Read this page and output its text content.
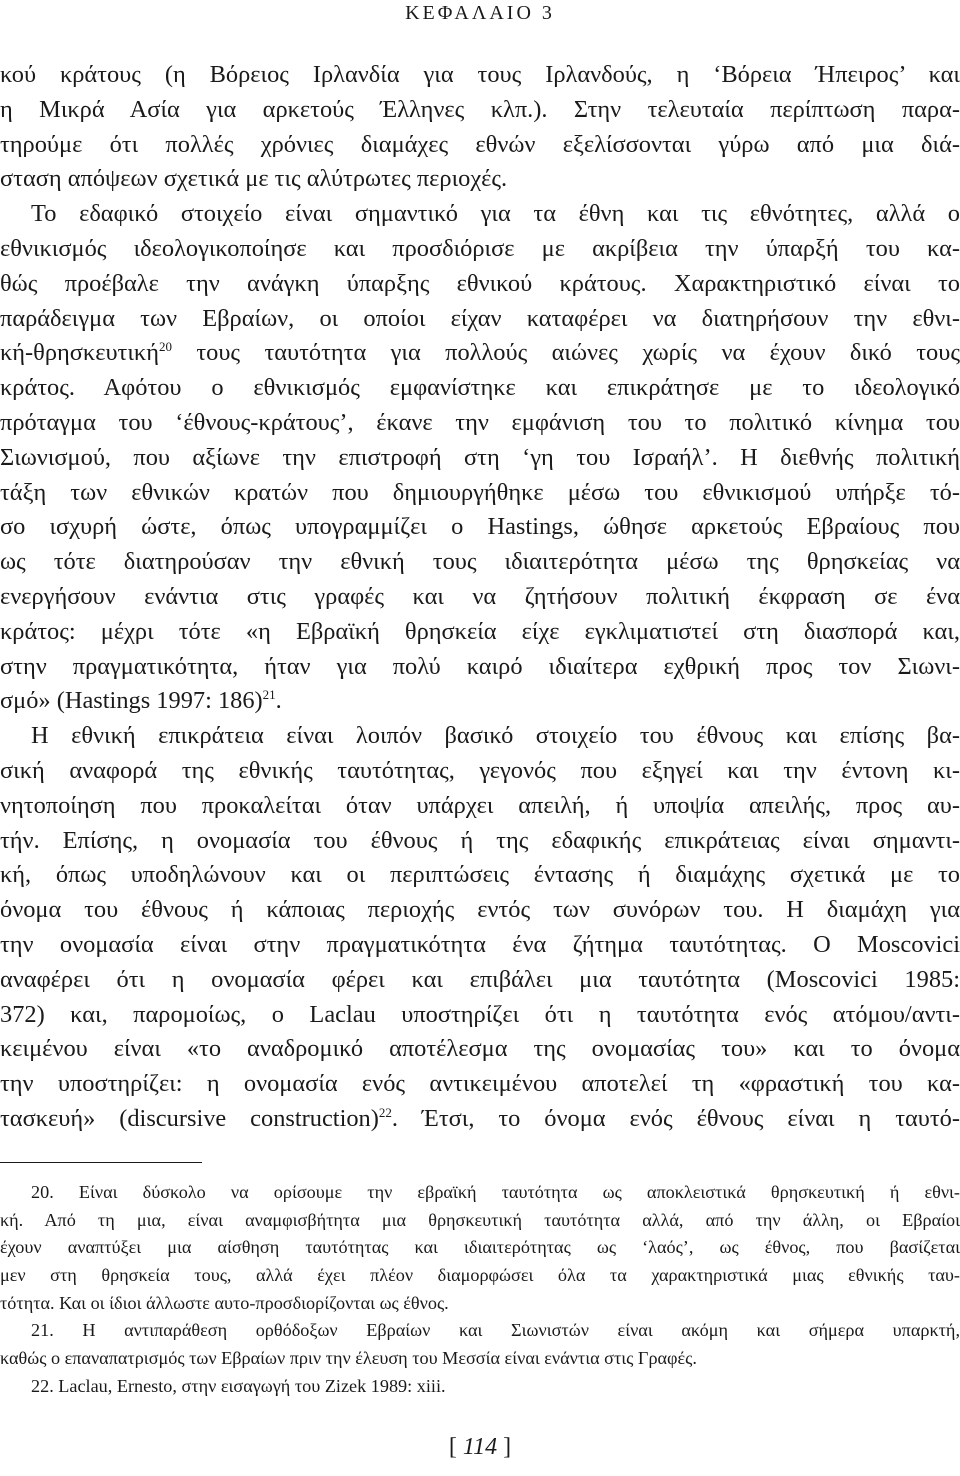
ΚΕΦΑΛΑΙΟ 3
κού κράτους (η Βόρειος Ιρλανδία για τους Ιρλανδούς, η ‘Βόρεια Ήπειρος’ και
η Μικρά Ασία για αρκετούς Έλληνες κλπ.). Στην τελευταία περίπτωση παρα-
τηρούμε ότι πολλές χρόνιες διαμάχες εθνών εξελίσσονται γύρω από μια διά-
σταση απόψεων σχετικά με τις αλύτρωτες περιοχές.
Το εδαφικό στοιχείο είναι σημαντικό για τα έθνη και τις εθνότητες, αλλά ο
εθνικισμός ιδεολογικοποίησε και προσδιόρισε με ακρίβεια την ύπαρξή του κα-
θώς προέβαλε την ανάγκη ύπαρξης εθνικού κράτους. Χαρακτηριστικό είναι το
παράδειγμα των Εβραίων, οι οποίοι είχαν καταφέρει να διατηρήσουν την εθνι-
κή-θρησκευτική$^{20}$ τους ταυτότητα για πολλούς αιώνες χωρίς να έχουν δικό τους
κράτος. Αφότου ο εθνικισμός εμφανίστηκε και επικράτησε με το ιδεολογικό
πρόταγμα του ‘έθνους-κράτους’, έκανε την εμφάνιση του το πολιτικό κίνημα του
Σιωνισμού, που αξίωνε την επιστροφή στη ‘γη του Ισραήλ’. Η διεθνής πολιτική
τάξη των εθνικών κρατών που δημιουργήθηκε μέσω του εθνικισμού υπήρξε τό-
σο ισχυρή ώστε, όπως υπογραμμίζει ο Hastings, ώθησε αρκετούς Εβραίους που
ως τότε διατηρούσαν την εθνική τους ιδιαιτερότητα μέσω της θρησκείας να
ενεργήσουν ενάντια στις γραφές και να ζητήσουν πολιτική έκφραση σε ένα
κράτος: μέχρι τότε «η Εβραϊκή θρησκεία είχε εγκλιματιστεί στη διασπορά και,
στην πραγματικότητα, ήταν για πολύ καιρό ιδιαίτερα εχθρική προς τον Σιωνι-
σμό» (Hastings 1997: 186)$^{21}$.
Η εθνική επικράτεια είναι λοιπόν βασικό στοιχείο του έθνους και επίσης βα-
σική αναφορά της εθνικής ταυτότητας, γεγονός που εξηγεί και την έντονη κι-
νητοποίηση που προκαλείται όταν υπάρχει απειλή, ή υποψία απειλής, προς αυ-
τήν. Επίσης, η ονομασία του έθνους ή της εδαφικής επικράτειας είναι σημαντι-
κή, όπως υποδηλώνουν και οι περιπτώσεις έντασης ή διαμάχης σχετικά με το
όνομα του έθνους ή κάποιας περιοχής εντός των συνόρων του. Η διαμάχη για
την ονομασία είναι στην πραγματικότητα ένα ζήτημα ταυτότητας. Ο Moscovici
αναφέρει ότι η ονομασία φέρει και επιβάλει μια ταυτότητα (Moscovici 1985:
372) και, παρομοίως, ο Laclau υποστηρίζει ότι η ταυτότητα ενός ατόμου/αντι-
κειμένου είναι «το αναδρομικό αποτέλεσμα της ονομασίας του» και το όνομα
την υποστηρίζει: η ονομασία ενός αντικειμένου αποτελεί τη «φραστική του κα-
τασκευή» (discursive construction)$^{22}$. Έτσι, το όνομα ενός έθνους είναι η ταυτό-
20. Είναι δύσκολο να ορίσουμε την εβραϊκή ταυτότητα ως αποκλειστικά θρησκευτική ή εθνι-
κή. Από τη μια, είναι αναμφισβήτητα μια θρησκευτική ταυτότητα αλλά, από την άλλη, οι Εβραίοι
έχουν αναπτύξει μια αίσθηση ταυτότητας και ιδιαιτερότητας ως ‘λαός’, ως έθνος, που βασίζεται
μεν στη θρησκεία τους, αλλά έχει πλέον διαμορφώσει όλα τα χαρακτηριστικά μιας εθνικής ταυ-
τότητα. Και οι ίδιοι άλλωστε αυτο-προσδιορίζονται ως έθνος.
21. Η αντιπαράθεση ορθόδοξων Εβραίων και Σιωνιστών είναι ακόμη και σήμερα υπαρκτή,
καθώς ο επαναπατρισμός των Εβραίων πριν την έλευση του Μεσσία είναι ενάντια στις Γραφές.
22. Laclau, Ernesto, στην εισαγωγή του Zizek 1989: xiii.
[ 114 ]
